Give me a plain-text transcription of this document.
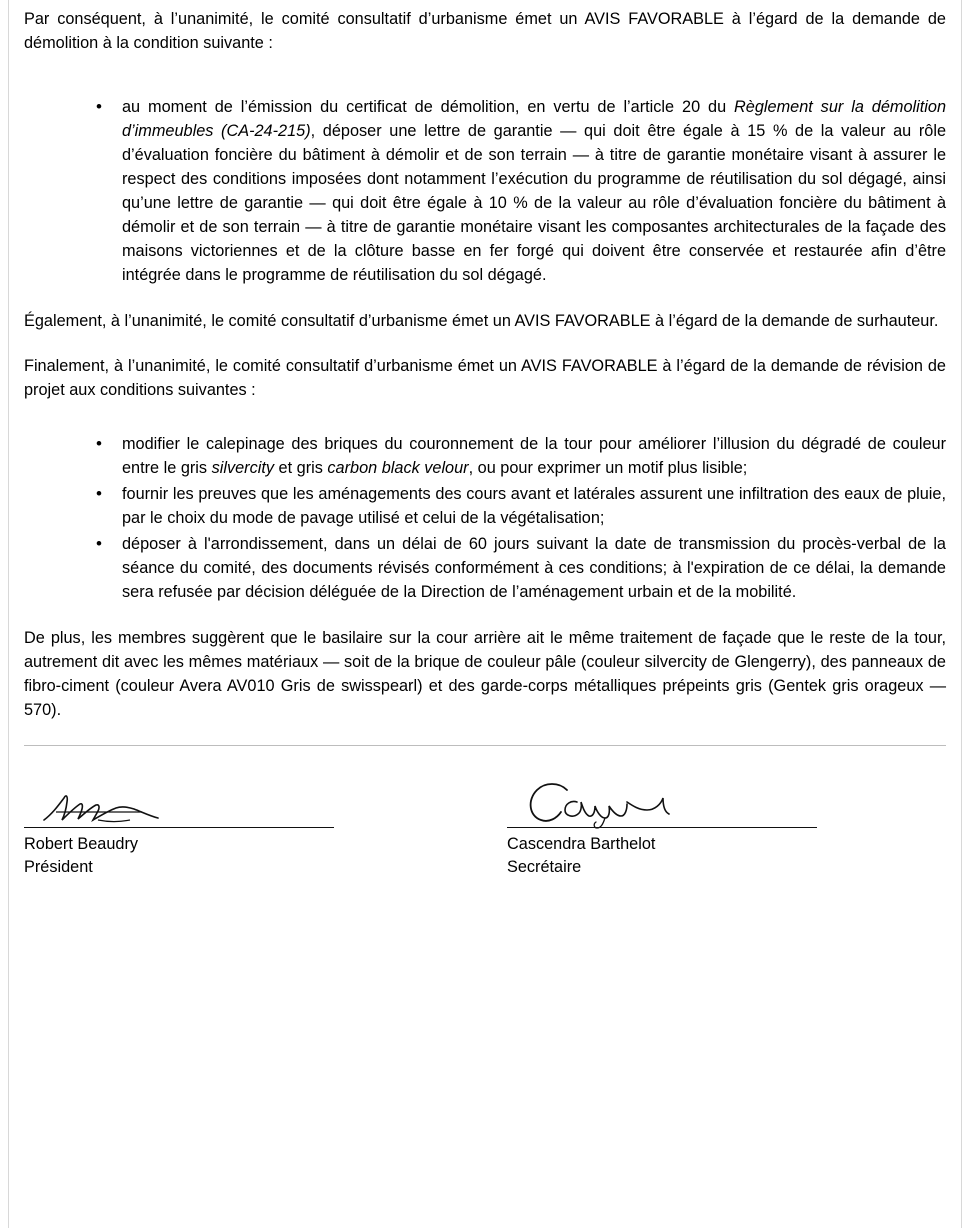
Par conséquent, à l’unanimité, le comité consultatif d’urbanisme émet un AVIS FAVORABLE à l’égard de la demande de démolition à la condition suivante :

• au moment de l’émission du certificat de démolition, en vertu de l’article 20 du Règlement sur la démolition d’immeubles (CA-24-215), déposer une lettre de garantie — qui doit être égale à 15 % de la valeur au rôle d’évaluation foncière du bâtiment à démolir et de son terrain — à titre de garantie monétaire visant à assurer le respect des conditions imposées dont notamment l’exécution du programme de réutilisation du sol dégagé, ainsi qu’une lettre de garantie — qui doit être égale à 10 % de la valeur au rôle d’évaluation foncière du bâtiment à démolir et de son terrain — à titre de garantie monétaire visant les composantes architecturales de la façade des maisons victoriennes et de la clôture basse en fer forgé qui doivent être conservée et restaurée afin d’être intégrée dans le programme de réutilisation du sol dégagé.

Également, à l’unanimité, le comité consultatif d’urbanisme émet un AVIS FAVORABLE à l’égard de la demande de surhauteur.

Finalement, à l’unanimité, le comité consultatif d’urbanisme émet un AVIS FAVORABLE à l’égard de la demande de révision de projet aux conditions suivantes :

• modifier le calepinage des briques du couronnement de la tour pour améliorer l’illusion du dégradé de couleur entre le gris silvercity et gris carbon black velour, ou pour exprimer un motif plus lisible;
• fournir les preuves que les aménagements des cours avant et latérales assurent une infiltration des eaux de pluie, par le choix du mode de pavage utilisé et celui de la végétalisation;
• déposer à l'arrondissement, dans un délai de 60 jours suivant la date de transmission du procès-verbal de la séance du comité, des documents révisés conformément à ces conditions; à l'expiration de ce délai, la demande sera refusée par décision déléguée de la Direction de l’aménagement urbain et de la mobilité.

De plus, les membres suggèrent que le basilaire sur la cour arrière ait le même traitement de façade que le reste de la tour, autrement dit avec les mêmes matériaux — soit de la brique de couleur pâle (couleur silvercity de Glengerry), des panneaux de fibro-ciment (couleur Avera AV010 Gris de swisspearl) et des garde-corps métalliques prépeints gris (Gentek gris orageux — 570).

Robert Beaudry
Président
Cascendra Barthelot
Secrétaire
